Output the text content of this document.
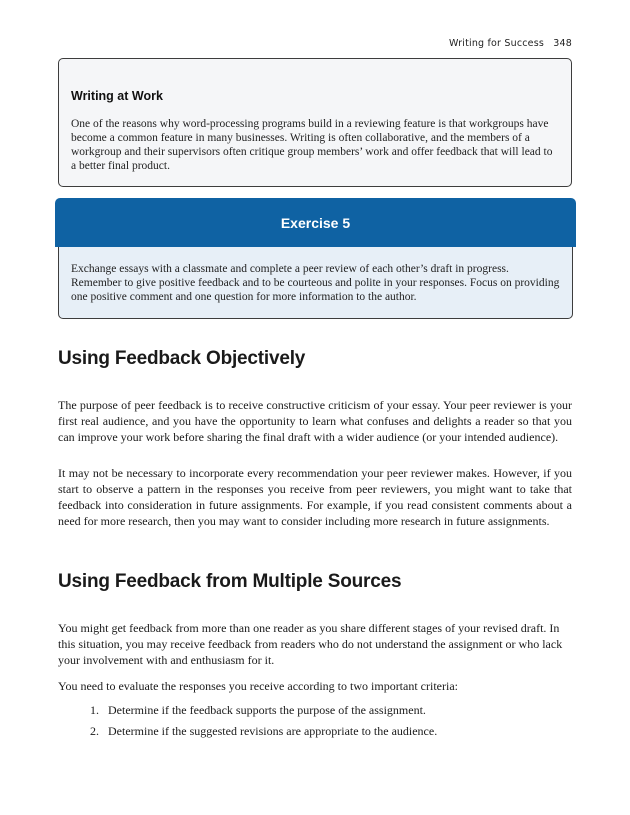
Writing for Success 348
Writing at Work

One of the reasons why word-processing programs build in a reviewing feature is that workgroups have become a common feature in many businesses. Writing is often collaborative, and the members of a workgroup and their supervisors often critique group members’ work and offer feedback that will lead to a better final product.

Exercise 5
Exchange essays with a classmate and complete a peer review of each other’s draft in progress. Remember to give positive feedback and to be courteous and polite in your responses. Focus on providing one positive comment and one question for more information to the author.
Using Feedback Objectively

The purpose of peer feedback is to receive constructive criticism of your essay. Your peer reviewer is your first real audience, and you have the opportunity to learn what confuses and delights a reader so that you can improve your work before sharing the final draft with a wider audience (or your intended audience).

It may not be necessary to incorporate every recommendation your peer reviewer makes. However, if you start to observe a pattern in the responses you receive from peer reviewers, you might want to take that feedback into consideration in future assignments. For example, if you read consistent comments about a need for more research, then you may want to consider including more research in future assignments.

Using Feedback from Multiple Sources

You might get feedback from more than one reader as you share different stages of your revised draft. In this situation, you may receive feedback from readers who do not understand the assignment or who lack your involvement with and enthusiasm for it.

You need to evaluate the responses you receive according to two important criteria:

1. Determine if the feedback supports the purpose of the assignment.
2. Determine if the suggested revisions are appropriate to the audience.
